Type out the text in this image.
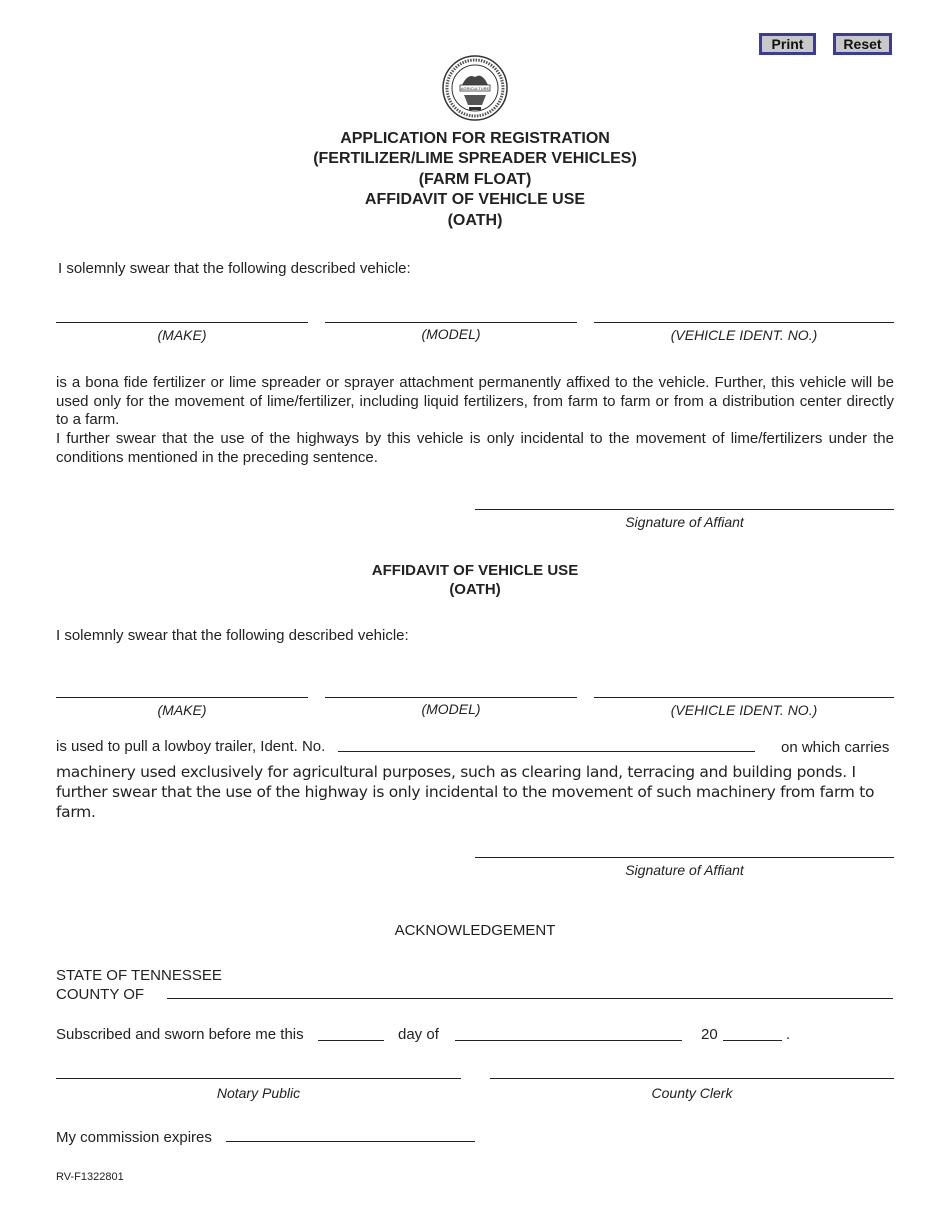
Print	Reset
AGRICULTURE
APPLICATION FOR REGISTRATION
(FERTILIZER/LIME SPREADER VEHICLES)
(FARM FLOAT)
AFFIDAVIT OF VEHICLE USE
(OATH)
I solemnly swear that the following described vehicle:
(MAKE)	(MODEL)	(VEHICLE IDENT. NO.)
is a bona fide fertilizer or lime spreader or sprayer attachment permanently affixed to the vehicle. Further, this vehicle will be used only for the movement of lime/fertilizer, including liquid fertilizers, from farm to farm or from a distribution center directly to a farm.
I further swear that the use of the highways by this vehicle is only incidental to the movement of lime/fertilizers under the conditions mentioned in the preceding sentence.
Signature of Affiant
AFFIDAVIT OF VEHICLE USE
(OATH)
I solemnly swear that the following described vehicle:
(MAKE)	(MODEL)	(VEHICLE IDENT. NO.)
is used to pull a lowboy trailer, Ident. No.	on which carries
machinery used exclusively for agricultural purposes, such as clearing land, terracing and building ponds. I further swear that the use of the highway is only incidental to the movement of such machinery from farm to farm.
Signature of Affiant
ACKNOWLEDGEMENT
STATE OF TENNESSEE
COUNTY OF
Subscribed and sworn before me this	day of	20	.
Notary Public	County Clerk
My commission expires
RV-F1322801
